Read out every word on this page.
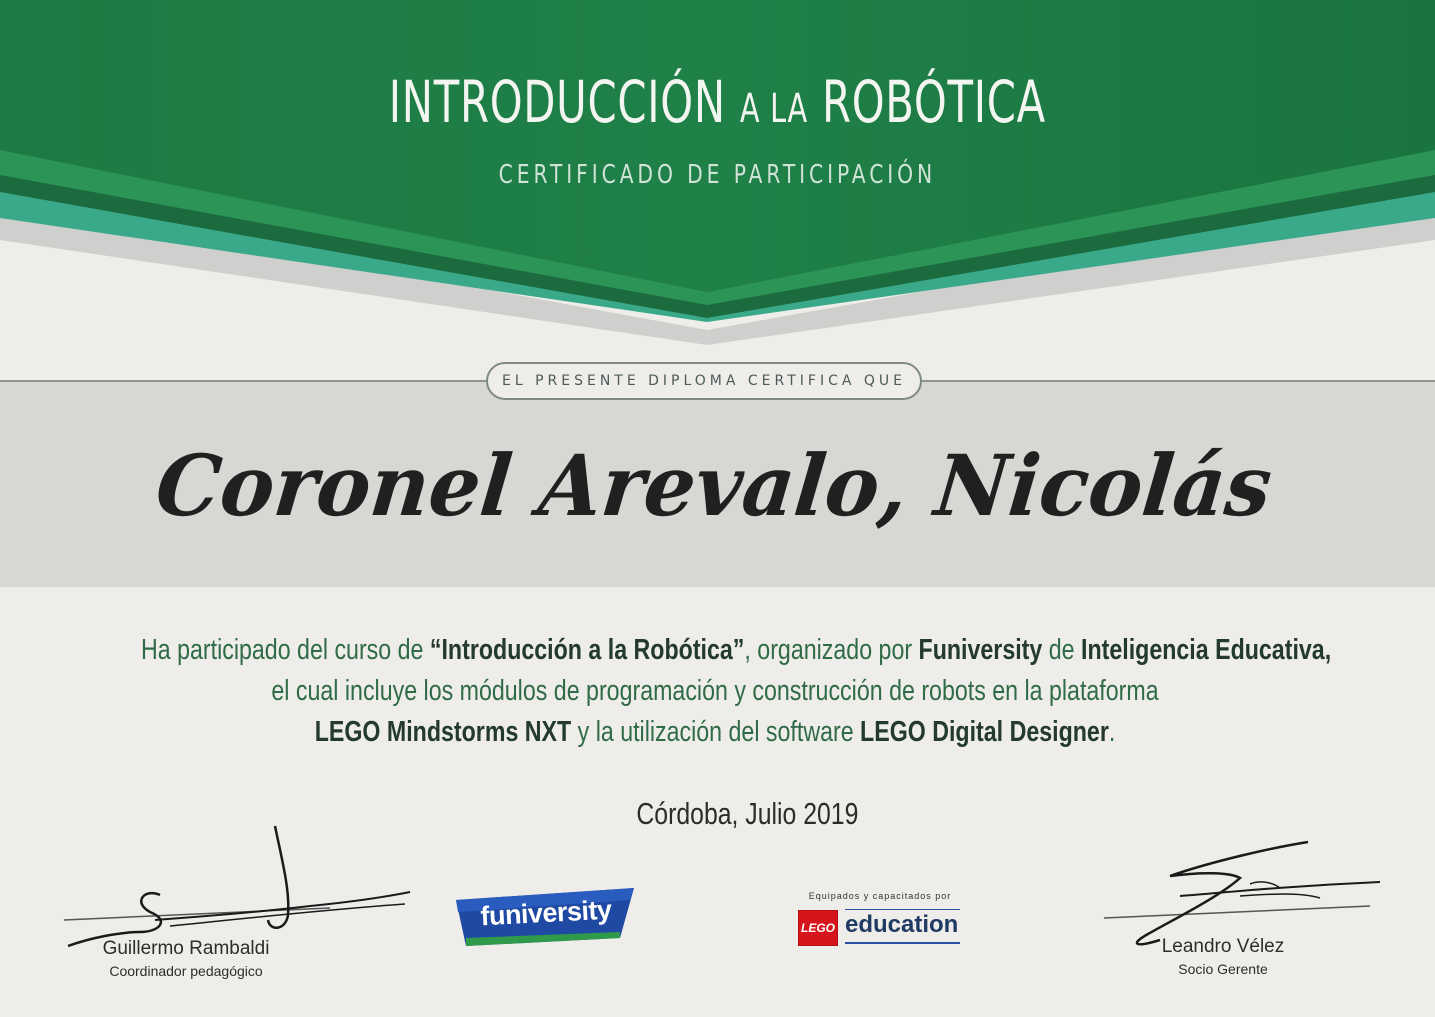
INTRODUCCIÓN A LA ROBÓTICA
CERTIFICADO DE PARTICIPACIÓN
EL PRESENTE DIPLOMA CERTIFICA QUE
Coronel Arevalo, Nicolás
Ha participado del curso de “Introducción a la Robótica”, organizado por Funiversity de Inteligencia Educativa,
el cual incluye los módulos de programación y construcción de robots en la plataforma
LEGO Mindstorms NXT y la utilización del software LEGO Digital Designer.
Córdoba, Julio 2019
Guillermo Rambaldi
Coordinador pedagógico
Leandro Vélez
Socio Gerente
funiversity	Equipados y capacitados por
LEGO education
